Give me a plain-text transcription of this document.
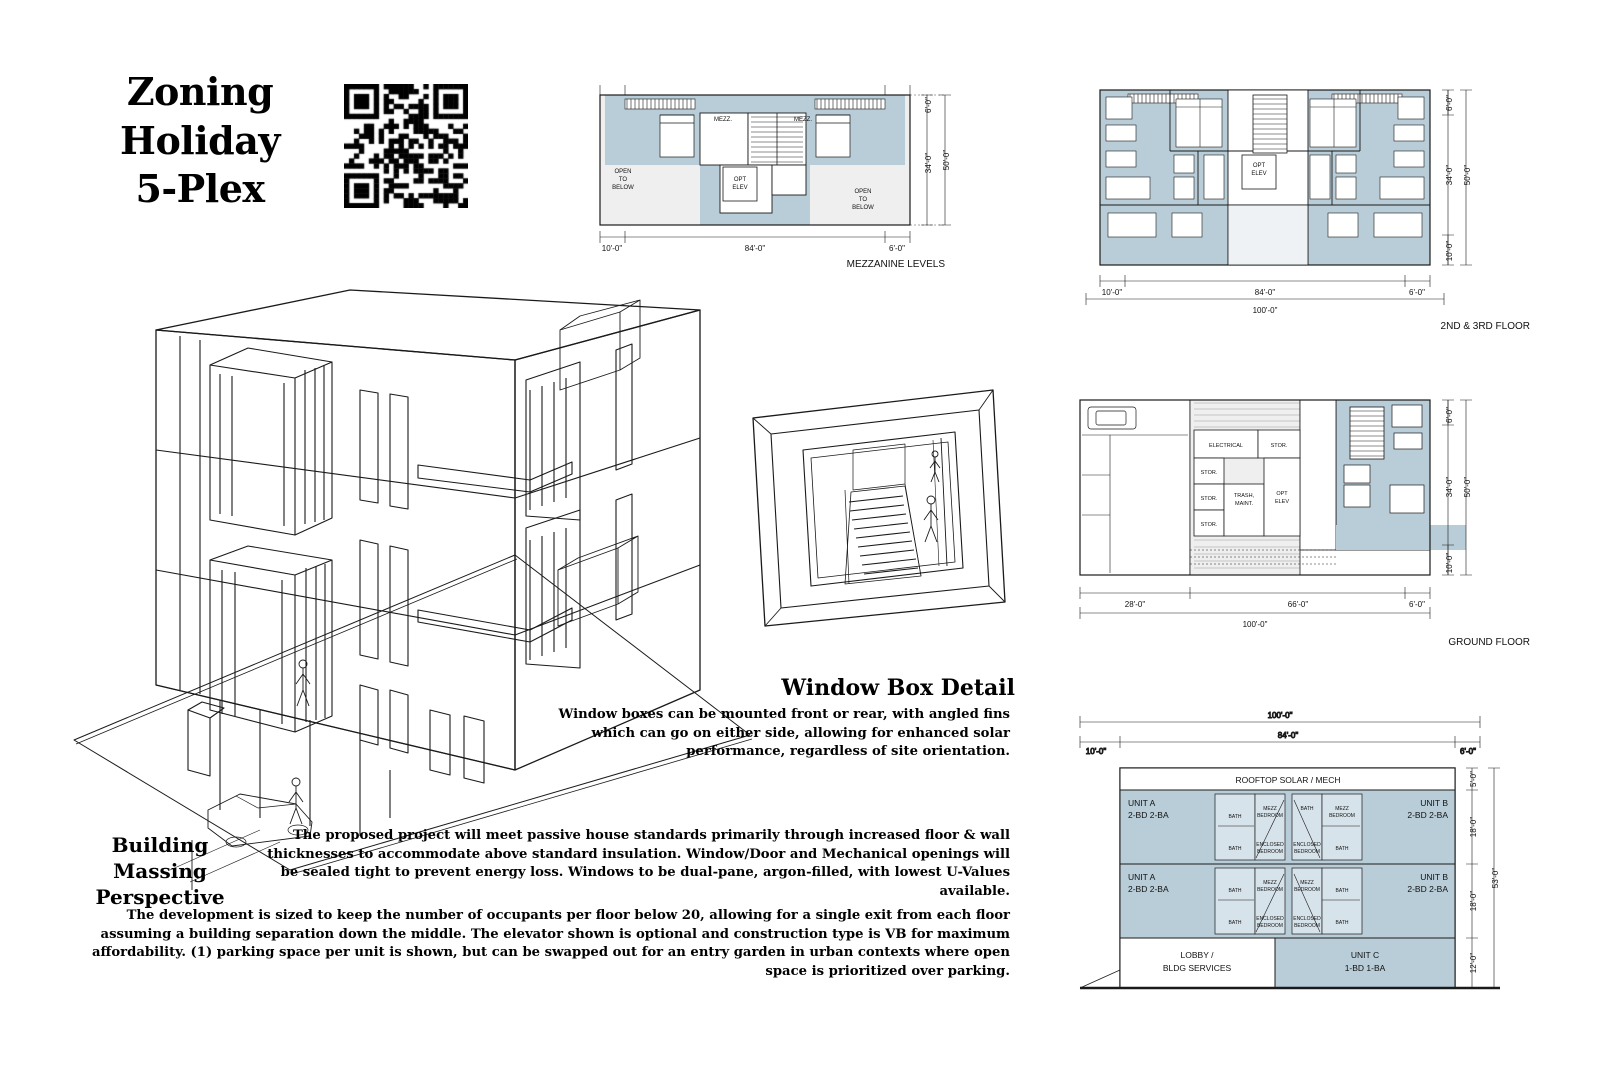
Zoning
Holiday
5-Plex
Building
Massing
Perspective
Window Box Detail
Window boxes can be mounted front or rear, with angled fins which can go on either side, allowing for enhanced solar performance, regardless of site orientation.
The proposed project will meet passive house standards primarily through increased floor & wall thicknesses to accommodate above standard insulation. Window/Door and Mechanical openings will be sealed tight to prevent energy loss. Windows to be dual-pane, argon-filled, with lowest U-Values available.
The development is sized to keep the number of occupants per floor below 20, allowing for a single exit from each floor assuming a building separation down the middle. The elevator shown is optional and construction type is VB for maximum affordability. (1) parking space per unit is shown, but can be swapped out for an entry garden in urban contexts where open space is prioritized over parking.
OPEN
TO
BELOW
OPEN
TO
BELOW
MEZZ.	MEZZ.
OPT
ELEV
10'-0"	84'-0"	6'-0"
34'-0" 50'-0"
6'-0"
MEZZANINE LEVELS
OPT
ELEV
10'-0"	84'-0"	6'-0"
100'-0"
34'-0" 50'-0"
6'-0"
10'-0"
2ND & 3RD FLOOR
ELECTRICAL	STOR.
STOR.
STOR.
STOR.
TRASH,
MAINT.
OPT
ELEV
28'-0"	66'-0"	6'-0"
100'-0"
34'-0" 50'-0"
6'-0"
10'-0"
GROUND FLOOR
100'-0"
84'-0"
10'-0"	6'-0"
5'-0"
18'-0"
18'-0"
12'-0"
53'-0"
ROOFTOP SOLAR / MECH
UNIT A
2-BD 2-BA
UNIT B
2-BD 2-BA
UNIT A
2-BD 2-BA
UNIT B
2-BD 2-BA
BATH
MEZZ
BEDROOM
BATH	MEZZ
BEDROOM
BATH
ENCLOSED
BEDROOM
ENCLOSED
BEDROOM	BATH
BATH
MEZZ
BEDROOM
MEZZ
BEDROOM	BATH
BATH
ENCLOSED
BEDROOM
ENCLOSED
BEDROOM	BATH
LOBBY /
BLDG SERVICES
UNIT C
1-BD 1-BA
